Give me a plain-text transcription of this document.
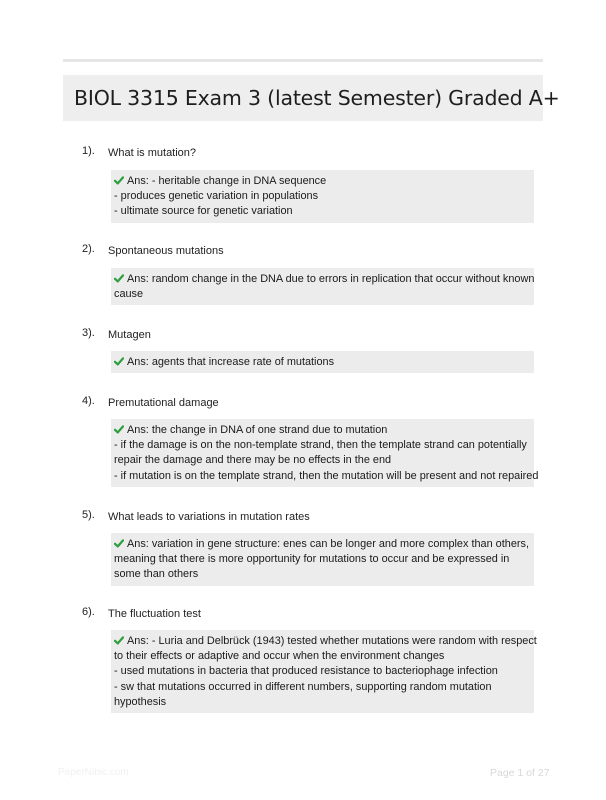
BIOL 3315 Exam 3 (latest Semester) Graded A+
1). What is mutation?
Ans: - heritable change in DNA sequence
- produces genetic variation in populations
- ultimate source for genetic variation
2). Spontaneous mutations
Ans: random change in the DNA due to errors in replication that occur without known
cause
3). Mutagen
Ans: agents that increase rate of mutations
4). Premutational damage
Ans: the change in DNA of one strand due to mutation
- if the damage is on the non-template strand, then the template strand can potentially
repair the damage and there may be no effects in the end
- if mutation is on the template strand, then the mutation will be present and not repaired
5). What leads to variations in mutation rates
Ans: variation in gene structure: enes can be longer and more complex than others,
meaning that there is more opportunity for mutations to occur and be expressed in
some than others
6). The fluctuation test
Ans: - Luria and Delbrück (1943) tested whether mutations were random with respect
to their effects or adaptive and occur when the environment changes
- used mutations in bacteria that produced resistance to bacteriophage infection
- sw that mutations occurred in different numbers, supporting random mutation
hypothesis
PaperNibic.com	Page 1 of 27
